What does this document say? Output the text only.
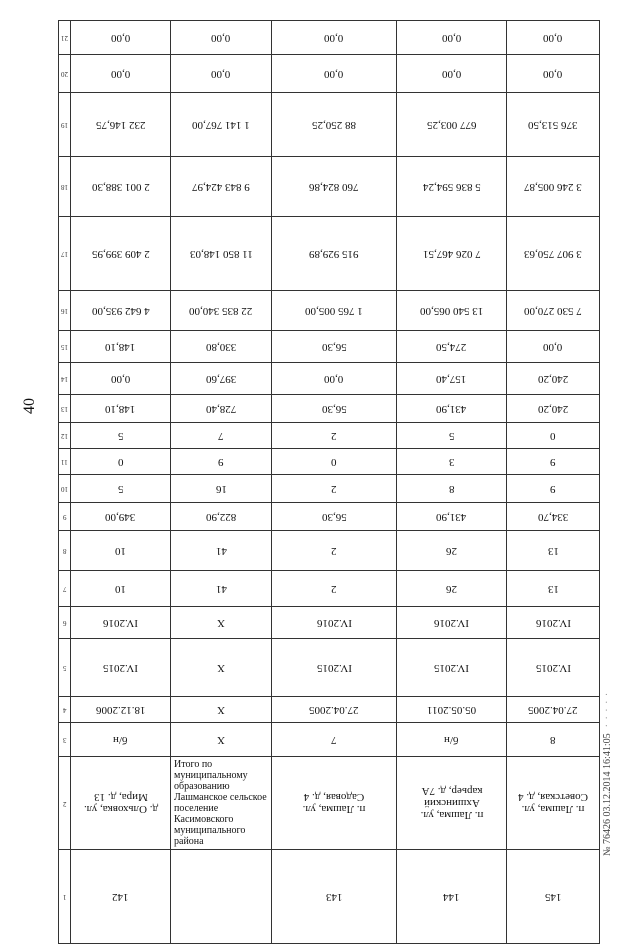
40
21	0,00	0,00	0,00	0,00	0,00
20	0,00	0,00	0,00	0,00	0,00
19	232 146,75	1 141 767,00	88 250,25	677 003,25	376 513,50
18	2 001 388,30	9 843 424,97	760 824,86	5 836 594,24	3 246 005,87
17	2 409 399,95	11 850 148,03	915 929,89	7 026 467,51	3 907 750,63
16	4 642 935,00	22 835 340,00	1 765 005,00	13 540 065,00	7 530 270,00
15	148,10	330,80	56,30	274,50	0,00
14	0,00	397,60	0,00	157,40	240,20
13	148,10	728,40	56,30	431,90	240,20
12	5	7	2	5	0
11	0	9	0	3	9
10	5	16	2	8	9
9	349,00	822,90	56,30	431,90	334,70
8	10	41	2	26	13
7	10	41	2	26	13
6	IV.2016	X	IV.2016	IV.2016	IV.2016
5	IV.2015	X	IV.2015	IV.2015	IV.2015
4	18.12.2006	X	27.04.2005	05.05.2011	27.04.2005
3	б/н	X	7	б/н	8
2	д. Ольховка, ул. Мира, д. 13	Итого по муниципальному образованию Лашманское сельское поселение Касимовского муниципального района	п. Лашма, ул. Садовая, д. 4	п. Лашма, ул. Ахшинский карьер, д. 7А	п. Лашма, ул. Советская, д. 4
1	142		143	144	145
№ 76426 03.12.2014 16:41:05· · · · ·
